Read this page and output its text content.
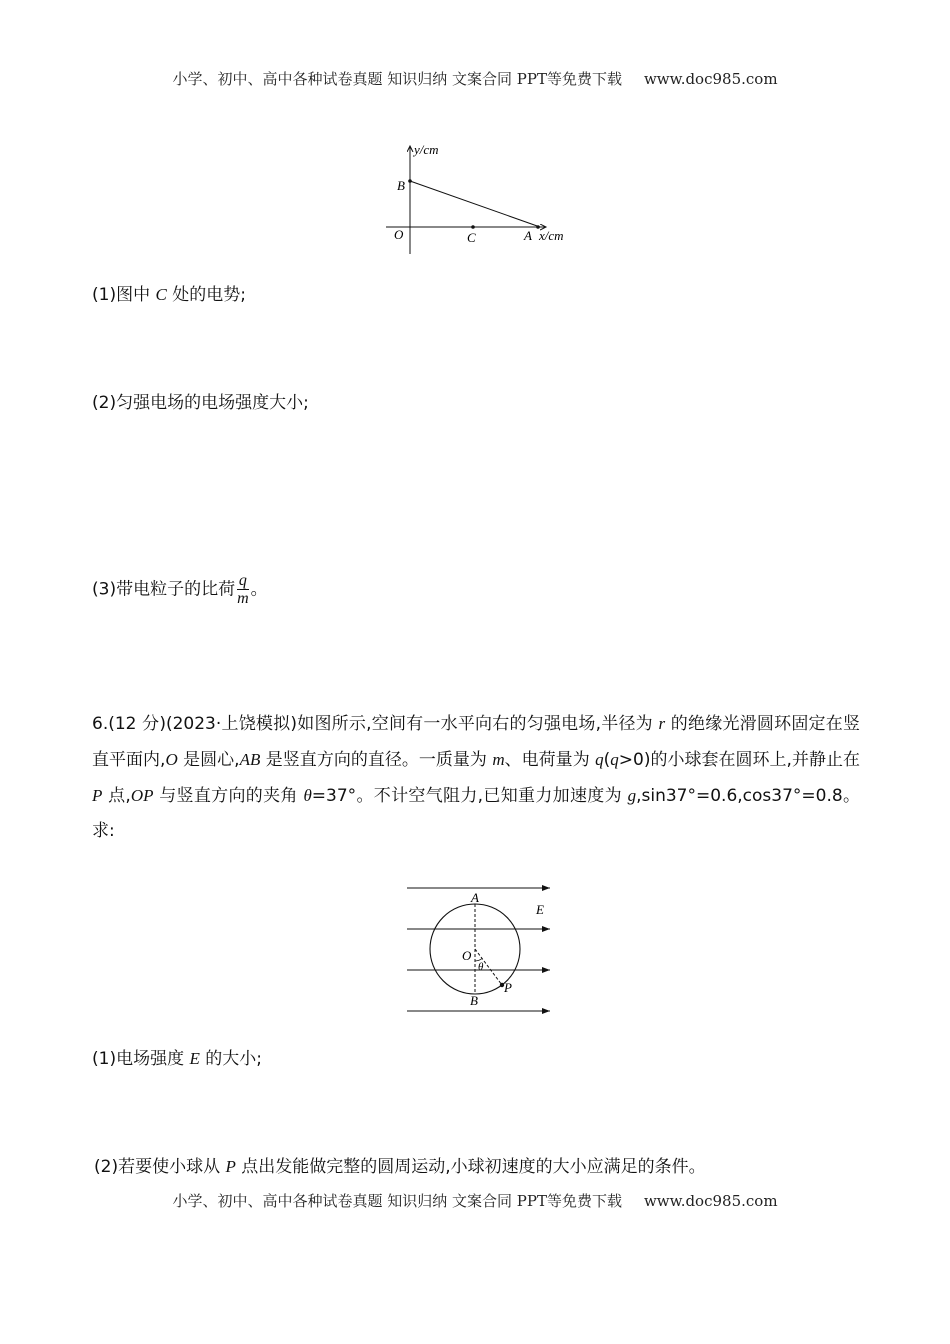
小学、初中、高中各种试卷真题 知识归纳 文案合同 PPT等免费下载 www.doc985.com
y/cm
B
O	C	A x/cm
(1)图中 C 处的电势;
(2)匀强电场的电场强度大小;
(3)带电粒子的比荷 $\frac{q}{m}$ 。
6.(12 分)(2023·上饶模拟)如图所示,空间有一水平向右的匀强电场,半径为 r 的绝缘光滑圆环固定在竖直平面内,O 是圆心,AB 是竖直方向的直径。一质量为 m、电荷量为 q(q>0)的小球套在圆环上,并静止在 P 点,OP 与竖直方向的夹角 θ=37°。不计空气阻力,已知重力加速度为 g,sin37°=0.6,cos37°=0.8。求:
A
E
O
θ
P
B
(1)电场强度 E 的大小;
(2)若要使小球从 P 点出发能做完整的圆周运动,小球初速度的大小应满足的条件。
小学、初中、高中各种试卷真题 知识归纳 文案合同 PPT等免费下载 www.doc985.com
